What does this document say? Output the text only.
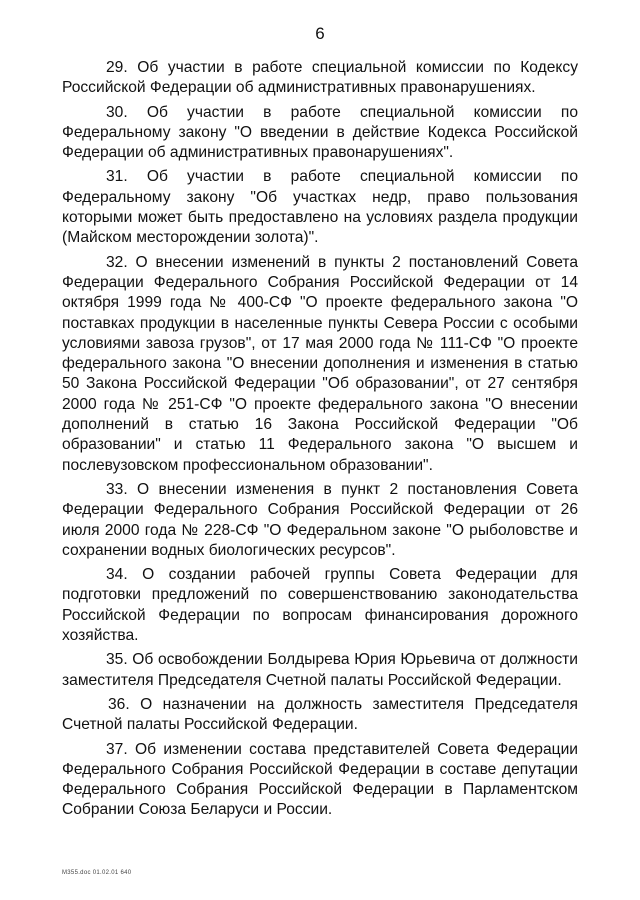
6

29. Об участии в работе специальной комиссии по Кодексу Российской Федерации об административных правонарушениях.

30. Об участии в работе специальной комиссии по Федеральному закону "О введении в действие Кодекса Российской Федерации об административных правонарушениях".

31. Об участии в работе специальной комиссии по Федеральному закону "Об участках недр, право пользования которыми может быть предоставлено на условиях раздела продукции (Майском месторождении золота)".

32. О внесении изменений в пункты 2 постановлений Совета Федерации Федерального Собрания Российской Федерации от 14 октября 1999 года № 400-СФ "О проекте федерального закона "О поставках продукции в населенные пункты Севера России с особыми условиями завоза грузов", от 17 мая 2000 года № 111-СФ "О проекте федерального закона "О внесении дополнения и изменения в статью 50 Закона Российской Федерации "Об образовании", от 27 сентября 2000 года № 251-СФ "О проекте федерального закона "О внесении дополнений в статью 16 Закона Российской Федерации "Об образовании" и статью 11 Федерального закона "О высшем и послевузовском профессиональном образовании".

33. О внесении изменения в пункт 2 постановления Совета Федерации Федерального Собрания Российской Федерации от 26 июля 2000 года № 228-СФ "О Федеральном законе "О рыболовстве и сохранении водных биологических ресурсов".

34. О создании рабочей группы Совета Федерации для подготовки предложений по совершенствованию законодательства Российской Федерации по вопросам финансирования дорожного хозяйства.

35. Об освобождении Болдырева Юрия Юрьевича от должности заместителя Председателя Счетной палаты Российской Федерации.

36. О назначении на должность заместителя Председателя Счетной палаты Российской Федерации.

37. Об изменении состава представителей Совета Федерации Федерального Собрания Российской Федерации в составе депутации Федерального Собрания Российской Федерации в Парламентском Собрании Союза Беларуси и России.

М355.doc 01.02.01 640
